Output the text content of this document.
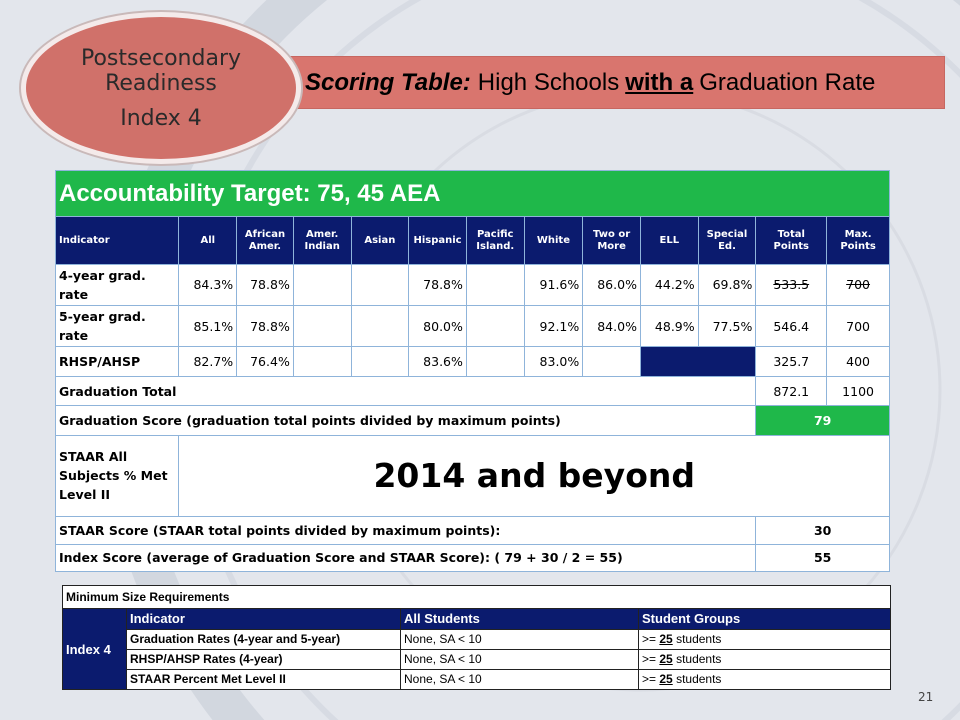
Scoring Table: High Schools with a Graduation Rate
Postsecondary
Readiness
Index 4
Accountability Target: 75, 45 AEA												
Indicator	All	African Amer.	Amer. Indian	Asian	Hispanic	Pacific Island.	White	Two or More	ELL	Special Ed.	Total Points	Max. Points
4-year grad. rate	84.3%	78.8%			78.8%		91.6%	86.0%	44.2%	69.8%	533.5	700
5-year grad. rate	85.1%	78.8%			80.0%		92.1%	84.0%	48.9%	77.5%	546.4	700
RHSP/AHSP	82.7%	76.4%			83.6%		83.0%				325.7	400
Graduation Total											872.1	1100
Graduation Score (graduation total points divided by maximum points)											79	
STAAR All Subjects % Met Level II	2014 and beyond											
STAAR Score (STAAR total points divided by maximum points):											30	
Index Score (average of Graduation Score and STAAR Score): ( 79 + 30 / 2 = 55)											55	
Minimum Size Requirements			
Index 4	Indicator	All Students	Student Groups
	Graduation Rates (4-year and 5-year)	None, SA < 10	>= 25 students
	RHSP/AHSP Rates (4-year)	None, SA < 10	>= 25 students
	STAAR Percent Met Level II	None, SA < 10	>= 25 students
21
